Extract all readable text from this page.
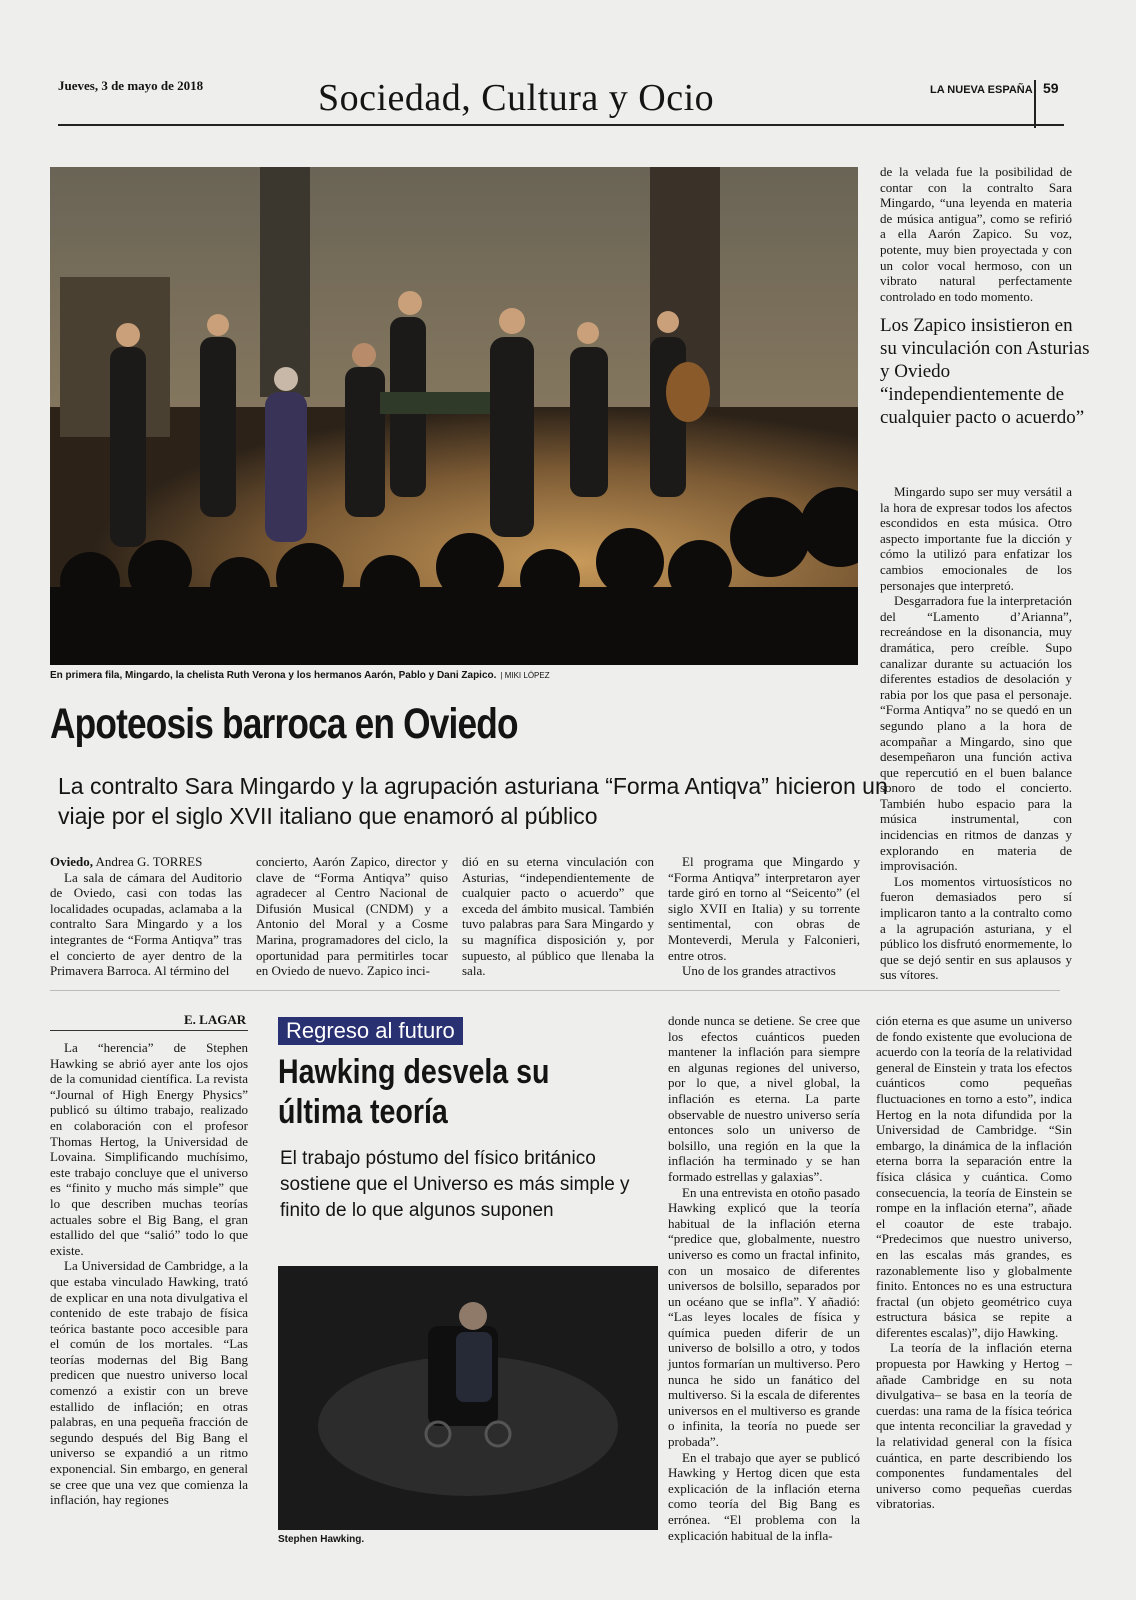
Jueves, 3 de mayo de 2018	Sociedad, Cultura y Ocio	LA NUEVA ESPAÑA 59
En primera fila, Mingardo, la chelista Ruth Verona y los hermanos Aarón, Pablo y Dani Zapico. | MIKI LÓPEZ

de la velada fue la posibilidad de contar con la contralto Sara Mingardo, “una leyenda en materia de música antigua”, como se refirió a ella Aarón Zapico. Su voz, potente, muy bien proyectada y con un color vocal hermoso, con un vibrato natural perfectamente controlado en todo momento.

Los Zapico insistieron en su vinculación con Asturias y Oviedo “independientemente de cualquier pacto o acuerdo”

Mingardo supo ser muy versátil a la hora de expresar todos los afectos escondidos en esta música. Otro aspecto importante fue la dicción y cómo la utilizó para enfatizar los cambios emocionales de los personajes que interpretó.

Desgarradora fue la interpretación del “Lamento d’Arianna”, recreándose en la disonancia, muy dramática, pero creíble. Supo canalizar durante su actuación los diferentes estadios de desolación y rabia por los que pasa el personaje. “Forma Antiqva” no se quedó en un segundo plano a la hora de acompañar a Mingardo, sino que desempeñaron una función activa que repercutió en el buen balance sonoro de todo el concierto. También hubo espacio para la música instrumental, con incidencias en ritmos de danzas y explorando en materia de improvisación.

Los momentos virtuosísticos no fueron demasiados pero sí implicaron tanto a la contralto como a la agrupación asturiana, y el público los disfrutó enormemente, lo que se dejó sentir en sus aplausos y sus vítores.

Apoteosis barroca en Oviedo
La contralto Sara Mingardo y la agrupación asturiana “Forma Antiqva” hicieron un viaje por el siglo XVII italiano que enamoró al público

Oviedo, Andrea G. TORRES

La sala de cámara del Auditorio de Oviedo, casi con todas las localidades ocupadas, aclamaba a la contralto Sara Mingardo y a los integrantes de “Forma Antiqva” tras el concierto de ayer dentro de la Primavera Barroca. Al término del

concierto, Aarón Zapico, director y clave de “Forma Antiqva” quiso agradecer al Centro Nacional de Difusión Musical (CNDM) y a Antonio del Moral y a Cosme Marina, programadores del ciclo, la oportunidad para permitirles tocar en Oviedo de nuevo. Zapico inci-

dió en su eterna vinculación con Asturias, “independientemente de cualquier pacto o acuerdo” que exceda del ámbito musical. También tuvo palabras para Sara Mingardo y su magnífica disposición y, por supuesto, al público que llenaba la sala.

El programa que Mingardo y “Forma Antiqva” interpretaron ayer tarde giró en torno al “Seicento” (el siglo XVII en Italia) y su torrente sentimental, con obras de Monteverdi, Merula y Falconieri, entre otros.

Uno de los grandes atractivos

E. LAGAR

La “herencia” de Stephen Hawking se abrió ayer ante los ojos de la comunidad científica. La revista “Journal of High Energy Physics” publicó su último trabajo, realizado en colaboración con el profesor Thomas Hertog, la Universidad de Lovaina. Simplificando muchísimo, este trabajo concluye que el universo es “finito y mucho más simple” que lo que describen muchas teorías actuales sobre el Big Bang, el gran estallido del que “salió” todo lo que existe.

La Universidad de Cambridge, a la que estaba vinculado Hawking, trató de explicar en una nota divulgativa el contenido de este trabajo de física teórica bastante poco accesible para el común de los mortales. “Las teorías modernas del Big Bang predicen que nuestro universo local comenzó a existir con un breve estallido de inflación; en otras palabras, en una pequeña fracción de segundo después del Big Bang el universo se expandió a un ritmo exponencial. Sin embargo, en general se cree que una vez que comienza la inflación, hay regiones

Regreso al futuro
Hawking desvela su última teoría
El trabajo póstumo del físico británico sostiene que el Universo es más simple y finito de lo que algunos suponen
Stephen Hawking.

donde nunca se detiene. Se cree que los efectos cuánticos pueden mantener la inflación para siempre en algunas regiones del universo, por lo que, a nivel global, la inflación es eterna. La parte observable de nuestro universo sería entonces solo un universo de bolsillo, una región en la que la inflación ha terminado y se han formado estrellas y galaxias”.

En una entrevista en otoño pasado Hawking explicó que la teoría habitual de la inflación eterna “predice que, globalmente, nuestro universo es como un fractal infinito, con un mosaico de diferentes universos de bolsillo, separados por un océano que se infla”. Y añadió: “Las leyes locales de física y química pueden diferir de un universo de bolsillo a otro, y todos juntos formarían un multiverso. Pero nunca he sido un fanático del multiverso. Si la escala de diferentes universos en el multiverso es grande o infinita, la teoría no puede ser probada”.

En el trabajo que ayer se publicó Hawking y Hertog dicen que esta explicación de la inflación eterna como teoría del Big Bang es errónea. “El problema con la explicación habitual de la infla-

ción eterna es que asume un universo de fondo existente que evoluciona de acuerdo con la teoría de la relatividad general de Einstein y trata los efectos cuánticos como pequeñas fluctuaciones en torno a esto”, indica Hertog en la nota difundida por la Universidad de Cambridge. “Sin embargo, la dinámica de la inflación eterna borra la separación entre la física clásica y cuántica. Como consecuencia, la teoría de Einstein se rompe en la inflación eterna”, añade el coautor de este trabajo. “Predecimos que nuestro universo, en las escalas más grandes, es razonablemente liso y globalmente finito. Entonces no es una estructura fractal (un objeto geométrico cuya estructura básica se repite a diferentes escalas)”, dijo Hawking.

La teoría de la inflación eterna propuesta por Hawking y Hertog –añade Cambridge en su nota divulgativa– se basa en la teoría de cuerdas: una rama de la física teórica que intenta reconciliar la gravedad y la relatividad general con la física cuántica, en parte describiendo los componentes fundamentales del universo como pequeñas cuerdas vibratorias.
